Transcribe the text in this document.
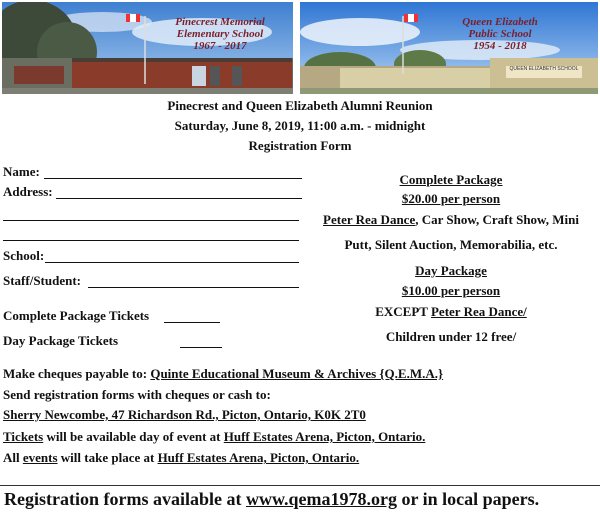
Pinecrest Memorial
Elementary School
1967 - 2017
QUEEN ELIZABETH SCHOOL
Queen Elizabeth
Public School
1954 - 2018
Pinecrest and Queen Elizabeth Alumni Reunion
Saturday, June 8, 2019, 11:00 a.m. - midnight
Registration Form
Name:
Address:
School:
Staff/Student:
Complete Package Tickets
Day Package Tickets
Complete Package
$20.00 per person
Peter Rea Dance, Car Show, Craft Show, Mini
Putt, Silent Auction, Memorabilia, etc.
Day Package
$10.00 per person
EXCEPT Peter Rea Dance/
Children under 12 free/
Make cheques payable to: Quinte Educational Museum & Archives {Q.E.M.A.}
Send registration forms with cheques or cash to:
Sherry Newcombe, 47 Richardson Rd., Picton, Ontario, K0K 2T0
Tickets will be available day of event at Huff Estates Arena, Picton, Ontario.
All events will take place at Huff Estates Arena, Picton, Ontario.
Registration forms available at www.qema1978.org or in local papers.
